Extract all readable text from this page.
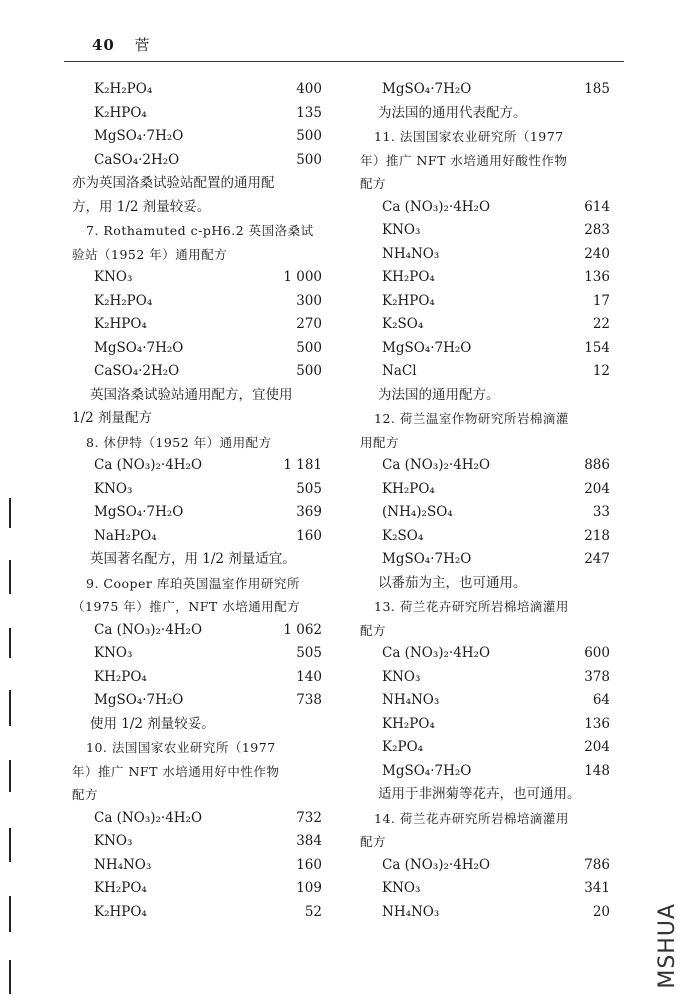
40 菅
K₂H₂PO₄	400
K₂HPO₄	135
MgSO₄·7H₂O	500
CaSO₄·2H₂O	500
亦为英国洛桑试验站配置的通用配
方，用 1/2 剂量较妥。
7. Rothamuted c-pH6.2 英国洛桑试
验站（1952 年）通用配方
KNO₃	1 000
K₂H₂PO₄	300
K₂HPO₄	270
MgSO₄·7H₂O	500
CaSO₄·2H₂O	500
英国洛桑试验站通用配方，宜使用
1/2 剂量配方
8. 休伊特（1952 年）通用配方
Ca (NO₃)₂·4H₂O	1 181
KNO₃	505
MgSO₄·7H₂O	369
NaH₂PO₄	160
英国著名配方，用 1/2 剂量适宜。
9. Cooper 库珀英国温室作用研究所
（1975 年）推广，NFT 水培通用配方
Ca (NO₃)₂·4H₂O	1 062
KNO₃	505
KH₂PO₄	140
MgSO₄·7H₂O	738
使用 1/2 剂量较妥。
10. 法国国家农业研究所（1977
年）推广 NFT 水培通用好中性作物
配方
Ca (NO₃)₂·4H₂O	732
KNO₃	384
NH₄NO₃	160
KH₂PO₄	109
K₂HPO₄	52
MgSO₄·7H₂O	185
为法国的通用代表配方。
11. 法国国家农业研究所（1977
年）推广 NFT 水培通用好酸性作物
配方
Ca (NO₃)₂·4H₂O	614
KNO₃	283
NH₄NO₃	240
KH₂PO₄	136
K₂HPO₄	17
K₂SO₄	22
MgSO₄·7H₂O	154
NaCl	12
为法国的通用配方。
12. 荷兰温室作物研究所岩棉滴灌
用配方
Ca (NO₃)₂·4H₂O	886
KH₂PO₄	204
(NH₄)₂SO₄	33
K₂SO₄	218
MgSO₄·7H₂O	247
以番茄为主，也可通用。
13. 荷兰花卉研究所岩棉培滴灌用
配方
Ca (NO₃)₂·4H₂O	600
KNO₃	378
NH₄NO₃	64
KH₂PO₄	136
K₂PO₄	204
MgSO₄·7H₂O	148
适用于非洲菊等花卉，也可通用。
14. 荷兰花卉研究所岩棉培滴灌用
配方
Ca (NO₃)₂·4H₂O	786
KNO₃	341
NH₄NO₃	20 MSHUA
